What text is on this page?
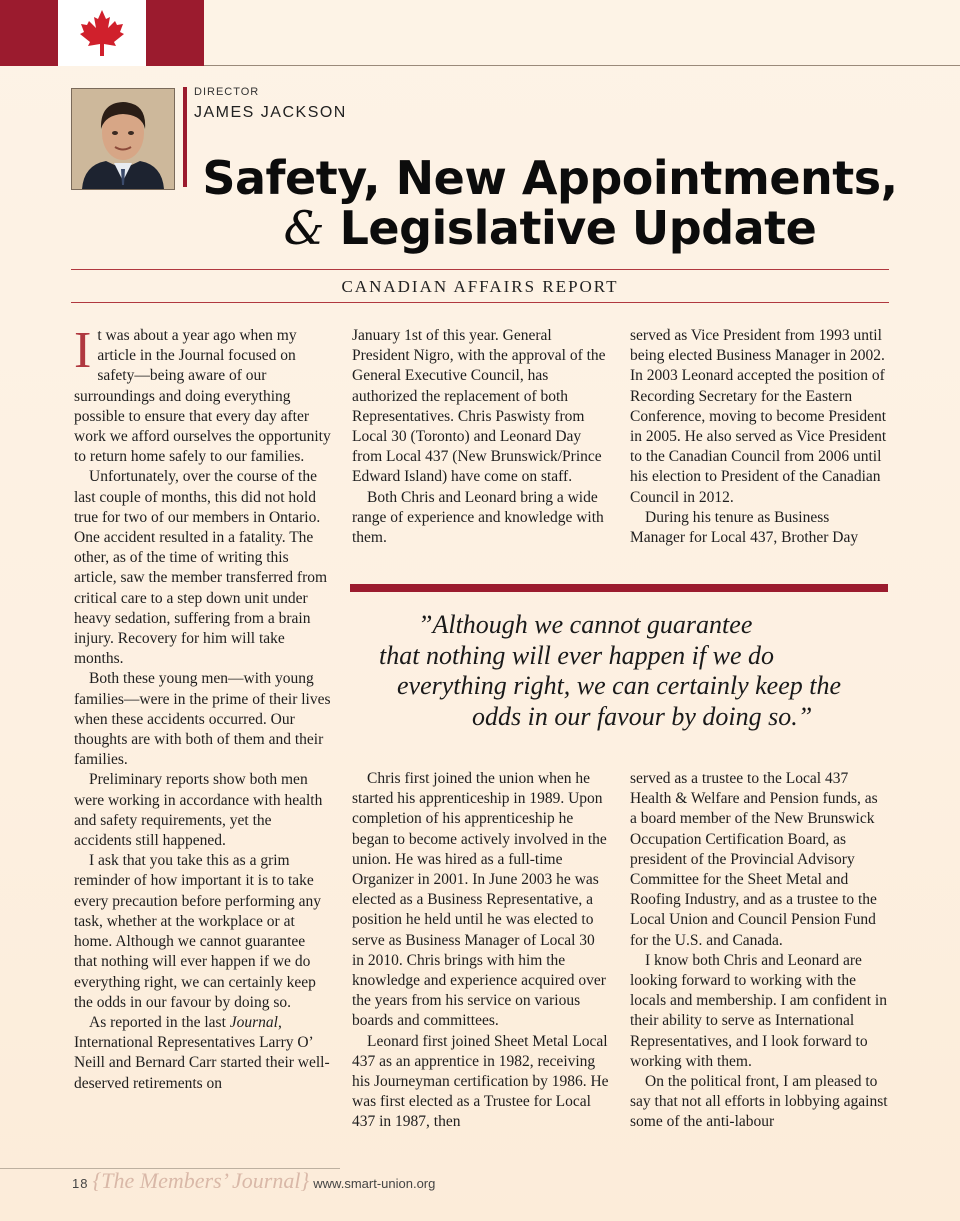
DIRECTOR
JAMES JACKSON
Safety, New Appointments,
& Legislative Update
CANADIAN AFFAIRS REPORT

It was about a year ago when my article in the Journal focused on safety—being aware of our surroundings and doing everything possible to ensure that every day after work we afford ourselves the opportunity to return home safely to our families.

Unfortunately, over the course of the last couple of months, this did not hold true for two of our members in Ontario. One accident resulted in a fatality. The other, as of the time of writing this article, saw the member transferred from critical care to a step down unit under heavy sedation, suffering from a brain injury. Recovery for him will take months.

Both these young men—with young families—were in the prime of their lives when these accidents occurred. Our thoughts are with both of them and their families.

Preliminary reports show both men were working in accordance with health and safety requirements, yet the accidents still happened.

I ask that you take this as a grim reminder of how important it is to take every precaution before performing any task, whether at the workplace or at home. Although we cannot guarantee that nothing will ever happen if we do everything right, we can certainly keep the odds in our favour by doing so.

As reported in the last Journal, International Representatives Larry O’ Neill and Bernard Carr started their well-deserved retirements on

January 1st of this year. General President Nigro, with the approval of the General Executive Council, has authorized the replacement of both Representatives. Chris Paswisty from Local 30 (Toronto) and Leonard Day from Local 437 (New Brunswick/Prince Edward Island) have come on staff.

Both Chris and Leonard bring a wide range of experience and knowledge with them.

served as Vice President from 1993 until being elected Business Manager in 2002. In 2003 Leonard accepted the position of Recording Secretary for the Eastern Conference, moving to become President in 2005. He also served as Vice President to the Canadian Council from 2006 until his election to President of the Canadian Council in 2012.

During his tenure as Business Manager for Local 437, Brother Day

”Although we cannot guarantee
that nothing will ever happen if we do
everything right, we can certainly keep the
odds in our favour by doing so.”

Chris first joined the union when he started his apprenticeship in 1989. Upon completion of his apprenticeship he began to become actively involved in the union. He was hired as a full-time Organizer in 2001. In June 2003 he was elected as a Business Representative, a position he held until he was elected to serve as Business Manager of Local 30 in 2010. Chris brings with him the knowledge and experience acquired over the years from his service on various boards and committees.

Leonard first joined Sheet Metal Local 437 as an apprentice in 1982, receiving his Journeyman certification by 1986. He was first elected as a Trustee for Local 437 in 1987, then

served as a trustee to the Local 437 Health & Welfare and Pension funds, as a board member of the New Brunswick Occupation Certification Board, as president of the Provincial Advisory Committee for the Sheet Metal and Roofing Industry, and as a trustee to the Local Union and Council Pension Fund for the U.S. and Canada.

I know both Chris and Leonard are looking forward to working with the locals and membership. I am confident in their ability to serve as International Representatives, and I look forward to working with them.

On the political front, I am pleased to say that not all efforts in lobbying against some of the anti-labour

18 {The Members’ Journal} www.smart-union.org
